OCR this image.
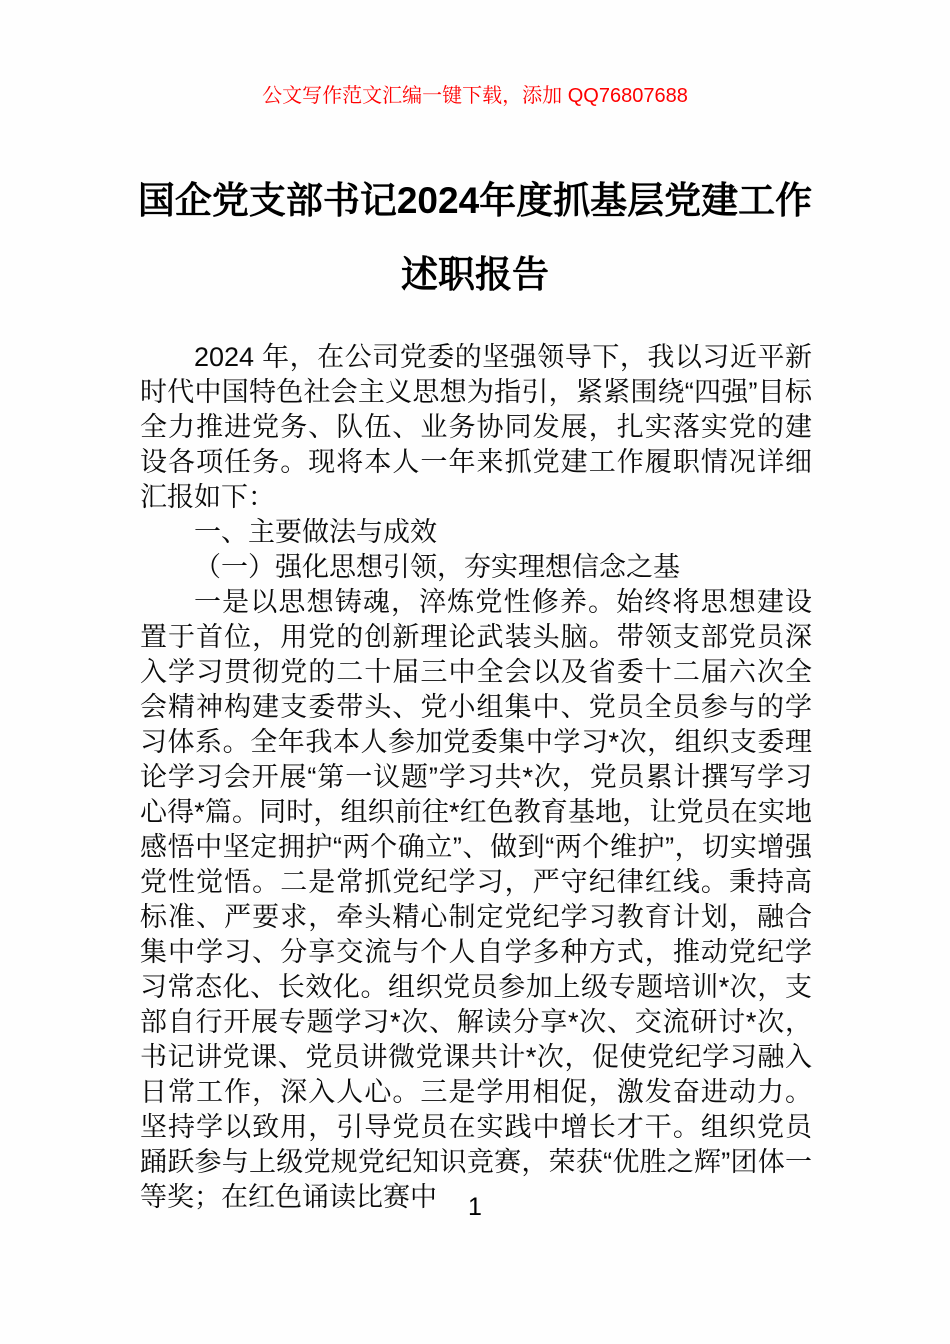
公文写作范文汇编一键下载，添加 QQ76807688
国企党支部书记2024年度抓基层党建工作
述职报告

2024 年，在公司党委的坚强领导下，我以习近平新时代中国特色社会主义思想为指引，紧紧围绕“四强”目标全力推进党务、队伍、业务协同发展，扎实落实党的建设各项任务。现将本人一年来抓党建工作履职情况详细汇报如下：

一、主要做法与成效

（一）强化思想引领，夯实理想信念之基

一是以思想铸魂，淬炼党性修养。始终将思想建设置于首位，用党的创新理论武装头脑。带领支部党员深入学习贯彻党的二十届三中全会以及省委十二届六次全会精神构建支委带头、党小组集中、党员全员参与的学习体系。全年我本人参加党委集中学习*次，组织支委理论学习会开展“第一议题”学习共*次，党员累计撰写学习心得*篇。同时，组织前往*红色教育基地，让党员在实地感悟中坚定拥护“两个确立”、做到“两个维护”，切实增强党性觉悟。二是常抓党纪学习，严守纪律红线。秉持高标准、严要求，牵头精心制定党纪学习教育计划，融合集中学习、分享交流与个人自学多种方式，推动党纪学习常态化、长效化。组织党员参加上级专题培训*次，支部自行开展专题学习*次、解读分享*次、交流研讨*次，书记讲党课、党员讲微党课共计*次，促使党纪学习融入日常工作，深入人心。三是学用相促，激发奋进动力。坚持学以致用，引导党员在实践中增长才干。组织党员踊跃参与上级党规党纪知识竞赛，荣获“优胜之辉”团体一等奖；在红色诵读比赛中	1
